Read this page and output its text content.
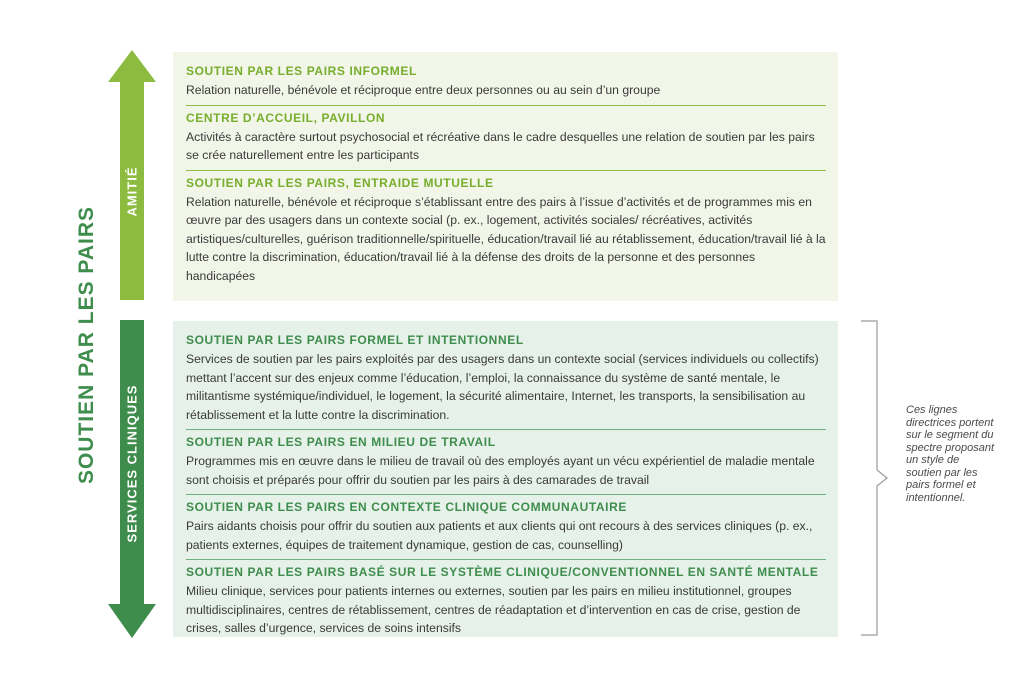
SOUTIEN PAR LES PAIRS
AMITIÉ
SERVICES CLINIQUES
SOUTIEN PAR LES PAIRS INFORMEL
Relation naturelle, bénévole et réciproque entre deux personnes ou au sein d’un groupe
CENTRE D’ACCUEIL, PAVILLON
Activités à caractère surtout psychosocial et récréative dans le cadre desquelles une relation de soutien par les pairs se crée naturellement entre les participants
SOUTIEN PAR LES PAIRS, ENTRAIDE MUTUELLE
Relation naturelle, bénévole et réciproque s’établissant entre des pairs à l’issue d’activités et de programmes mis en œuvre par des usagers dans un contexte social (p. ex., logement, activités sociales/ récréatives, activités artistiques/culturelles, guérison traditionnelle/spirituelle, éducation/travail lié au rétablissement, éducation/travail lié à la lutte contre la discrimination, éducation/travail lié à la défense des droits de la personne et des personnes handicapées
SOUTIEN PAR LES PAIRS FORMEL ET INTENTIONNEL
Services de soutien par les pairs exploités par des usagers dans un contexte social (services individuels ou collectifs) mettant l’accent sur des enjeux comme l’éducation, l’emploi, la connaissance du système de santé mentale, le militantisme systémique/individuel, le logement, la sécurité alimentaire, Internet, les transports, la sensibilisation au rétablissement et la lutte contre la discrimination.
SOUTIEN PAR LES PAIRS EN MILIEU DE TRAVAIL
Programmes mis en œuvre dans le milieu de travail où des employés ayant un vécu expérientiel de maladie mentale sont choisis et préparés pour offrir du soutien par les pairs à des camarades de travail
SOUTIEN PAR LES PAIRS EN CONTEXTE CLINIQUE COMMUNAUTAIRE
Pairs aidants choisis pour offrir du soutien aux patients et aux clients qui ont recours à des services cliniques (p. ex., patients externes, équipes de traitement dynamique, gestion de cas, counselling)
SOUTIEN PAR LES PAIRS BASÉ SUR LE SYSTÈME CLINIQUE/CONVENTIONNEL EN SANTÉ MENTALE
Milieu clinique, services pour patients internes ou externes, soutien par les pairs en milieu institutionnel, groupes multidisciplinaires, centres de rétablissement, centres de réadaptation et d’intervention en cas de crise, gestion de crises, salles d’urgence, services de soins intensifs
Ces lignes directrices portent sur le segment du spectre proposant un style de soutien par les pairs formel et intentionnel.
